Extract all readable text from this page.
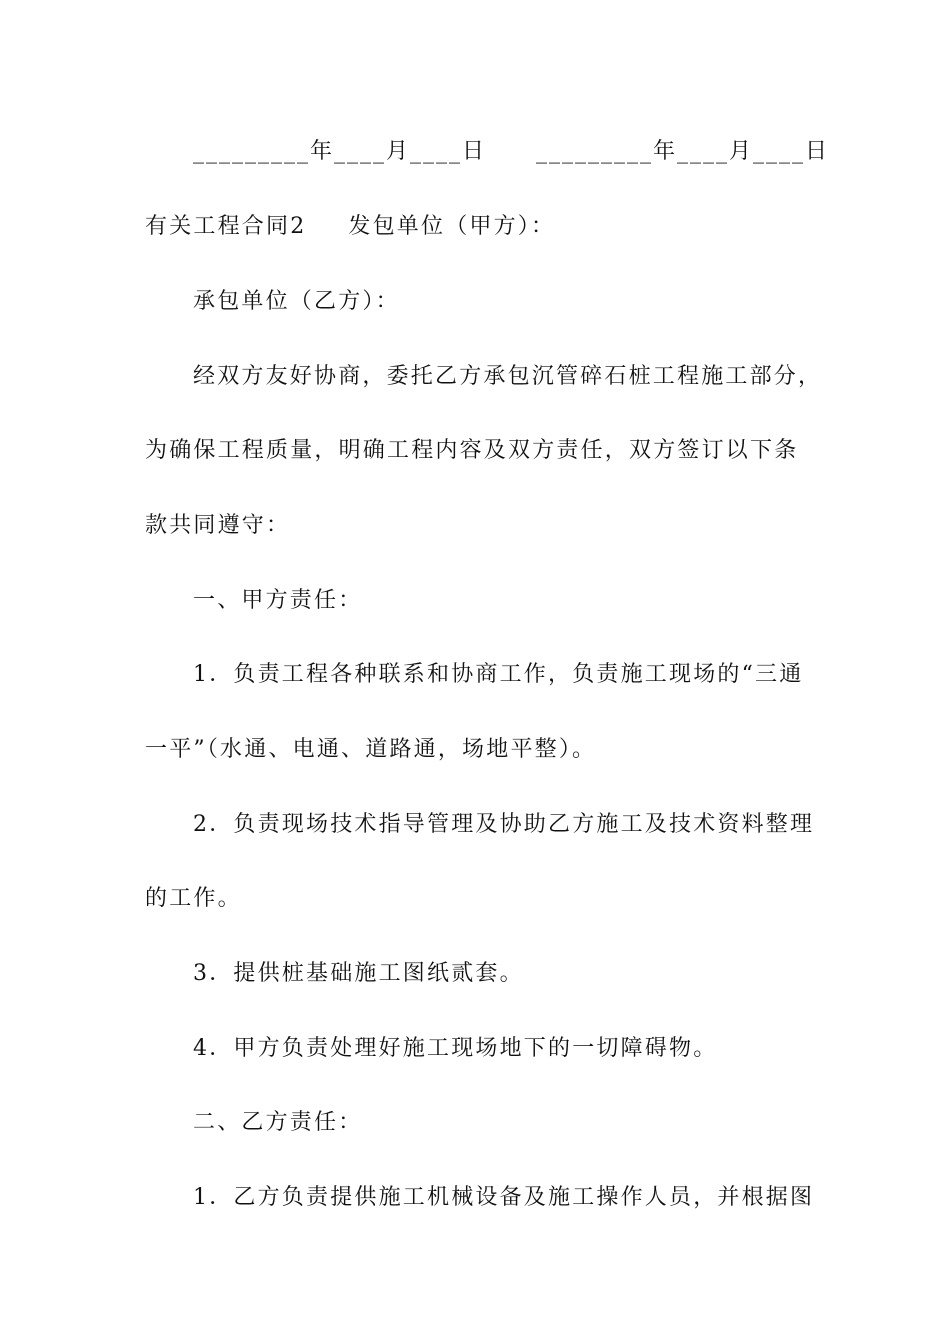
_________年____月____日 _________年____月____日
有关工程合同2 发包单位（甲方）：
承包单位（乙方）：
经双方友好协商，委托乙方承包沉管碎石桩工程施工部分，
为确保工程质量，明确工程内容及双方责任，双方签订以下条
款共同遵守：
一、甲方责任：
1．负责工程各种联系和协商工作，负责施工现场的“三通
一平”（水通、电通、道路通，场地平整）。
2．负责现场技术指导管理及协助乙方施工及技术资料整理
的工作。
3．提供桩基础施工图纸贰套。
4．甲方负责处理好施工现场地下的一切障碍物。
二、乙方责任：
1．乙方负责提供施工机械设备及施工操作人员，并根据图
